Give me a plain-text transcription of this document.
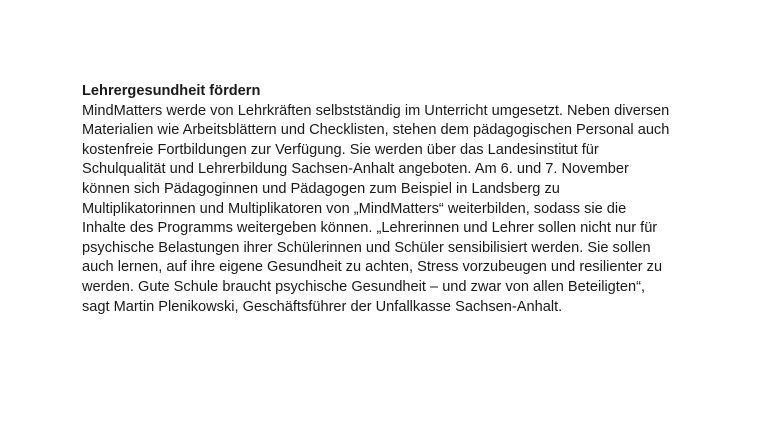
Lehrergesundheit fördern
MindMatters werde von Lehrkräften selbstständig im Unterricht umgesetzt. Neben diversen
Materialien wie Arbeitsblättern und Checklisten, stehen dem pädagogischen Personal auch
kostenfreie Fortbildungen zur Verfügung. Sie werden über das Landesinstitut für
Schulqualität und Lehrerbildung Sachsen-Anhalt angeboten. Am 6. und 7. November
können sich Pädagoginnen und Pädagogen zum Beispiel in Landsberg zu
Multiplikatorinnen und Multiplikatoren von „MindMatters“ weiterbilden, sodass sie die
Inhalte des Programms weitergeben können. „Lehrerinnen und Lehrer sollen nicht nur für
psychische Belastungen ihrer Schülerinnen und Schüler sensibilisiert werden. Sie sollen
auch lernen, auf ihre eigene Gesundheit zu achten, Stress vorzubeugen und resilienter zu
werden. Gute Schule braucht psychische Gesundheit – und zwar von allen Beteiligten“,
sagt Martin Plenikowski, Geschäftsführer der Unfallkasse Sachsen-Anhalt.
